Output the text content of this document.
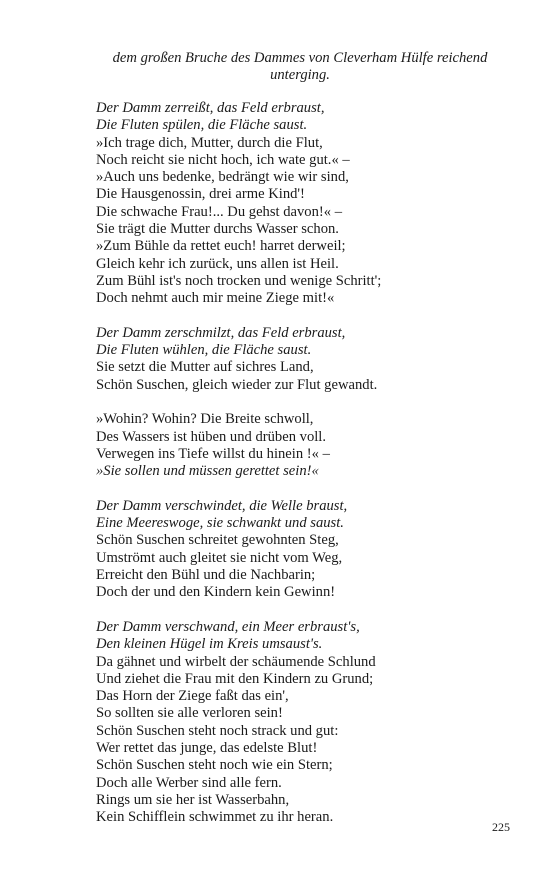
dem großen Bruche des Dammes von Cleverham Hülfe reichend
unterging.
Der Damm zerreißt, das Feld erbraust,
Die Fluten spülen, die Fläche saust.
»Ich trage dich, Mutter, durch die Flut,
Noch reicht sie nicht hoch, ich wate gut.« –
»Auch uns bedenke, bedrängt wie wir sind,
Die Hausgenossin, drei arme Kind'!
Die schwache Frau!... Du gehst davon!« –
Sie trägt die Mutter durchs Wasser schon.
»Zum Bühle da rettet euch! harret derweil;
Gleich kehr ich zurück, uns allen ist Heil.
Zum Bühl ist's noch trocken und wenige Schritt';
Doch nehmt auch mir meine Ziege mit!«
Der Damm zerschmilzt, das Feld erbraust,
Die Fluten wühlen, die Fläche saust.
Sie setzt die Mutter auf sichres Land,
Schön Suschen, gleich wieder zur Flut gewandt.
»Wohin? Wohin? Die Breite schwoll,
Des Wassers ist hüben und drüben voll.
Verwegen ins Tiefe willst du hinein !« –
»Sie sollen und müssen gerettet sein!«
Der Damm verschwindet, die Welle braust,
Eine Meereswoge, sie schwankt und saust.
Schön Suschen schreitet gewohnten Steg,
Umströmt auch gleitet sie nicht vom Weg,
Erreicht den Bühl und die Nachbarin;
Doch der und den Kindern kein Gewinn!
Der Damm verschwand, ein Meer erbraust's,
Den kleinen Hügel im Kreis umsaust's.
Da gähnet und wirbelt der schäumende Schlund
Und ziehet die Frau mit den Kindern zu Grund;
Das Horn der Ziege faßt das ein',
So sollten sie alle verloren sein!
Schön Suschen steht noch strack und gut:
Wer rettet das junge, das edelste Blut!
Schön Suschen steht noch wie ein Stern;
Doch alle Werber sind alle fern.
Rings um sie her ist Wasserbahn,
Kein Schifflein schwimmet zu ihr heran.
225
